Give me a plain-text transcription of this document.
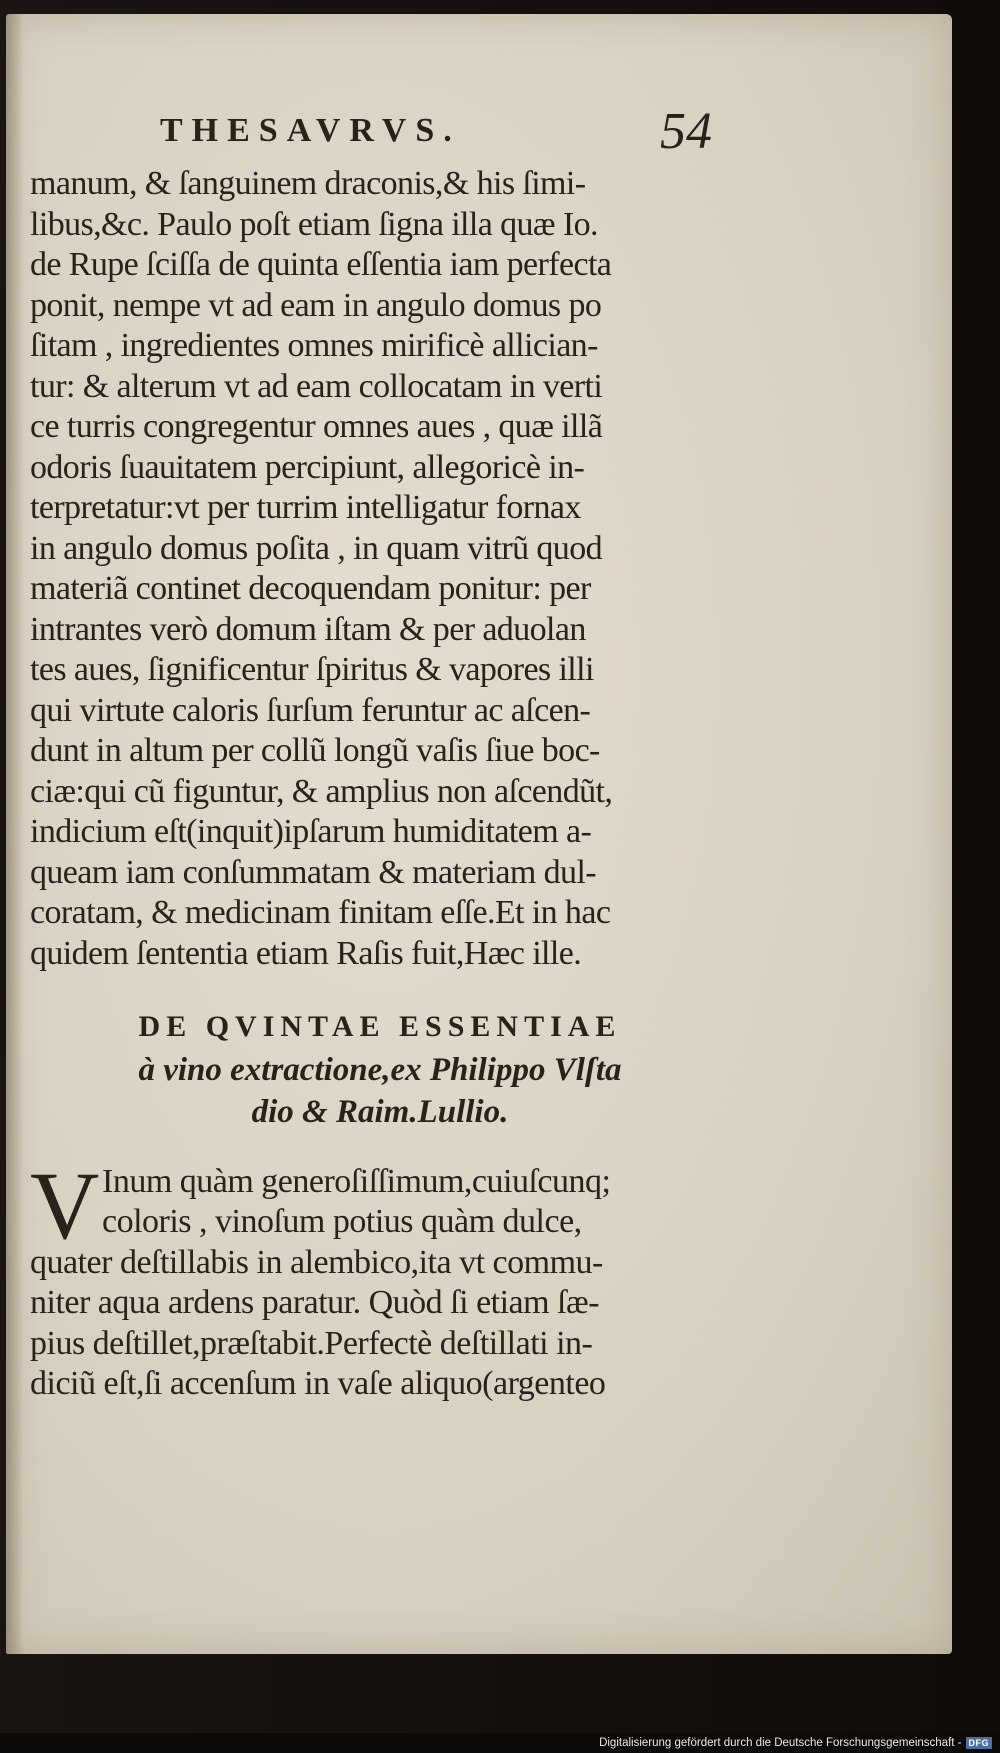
THESAVRVS.	54
manum, & ſanguinem draconis,& his ſimi-
libus,&c. Paulo poſt etiam ſigna illa quæ Io.
de Rupe ſciſſa de quinta eſſentia iam perfecta
ponit, nempe vt ad eam in angulo domus po
ſitam , ingredientes omnes mirificè allician-
tur: & alterum vt ad eam collocatam in verti
ce turris congregentur omnes aues , quæ illã
odoris ſuauitatem percipiunt, allegoricè in-
terpretatur:vt per turrim intelligatur fornax
in angulo domus poſita , in quam vitrũ quod
materiã continet decoquendam ponitur: per
intrantes verò domum iſtam & per aduolan
tes aues, ſignificentur ſpiritus & vapores illi
qui virtute caloris ſurſum feruntur ac aſcen-
dunt in altum per collũ longũ vaſis ſiue boc-
ciæ:qui cũ figuntur, & amplius non aſcendũt,
indicium eſt(inquit)ipſarum humiditatem a-
queam iam conſummatam & materiam dul-
coratam, & medicinam finitam eſſe.Et in hac
quidem ſententia etiam Raſis fuit,Hæc ille.
DE QVINTAE ESSENTIAE
à vino extractione,ex Philippo Vlſta
dio & Raim.Lullio.
V Inum quàm generoſiſſimum,cuiuſcunq;
coloris , vinoſum potius quàm dulce,
quater deſtillabis in alembico,ita vt commu-
niter aqua ardens paratur. Quòd ſi etiam ſæ-
pius deſtillet,præſtabit.Perfectè deſtillati in-
diciũ eſt,ſi accenſum in vaſe aliquo(argenteo
Digitalisierung gefördert durch die Deutsche Forschungsgemeinschaft - DFG
